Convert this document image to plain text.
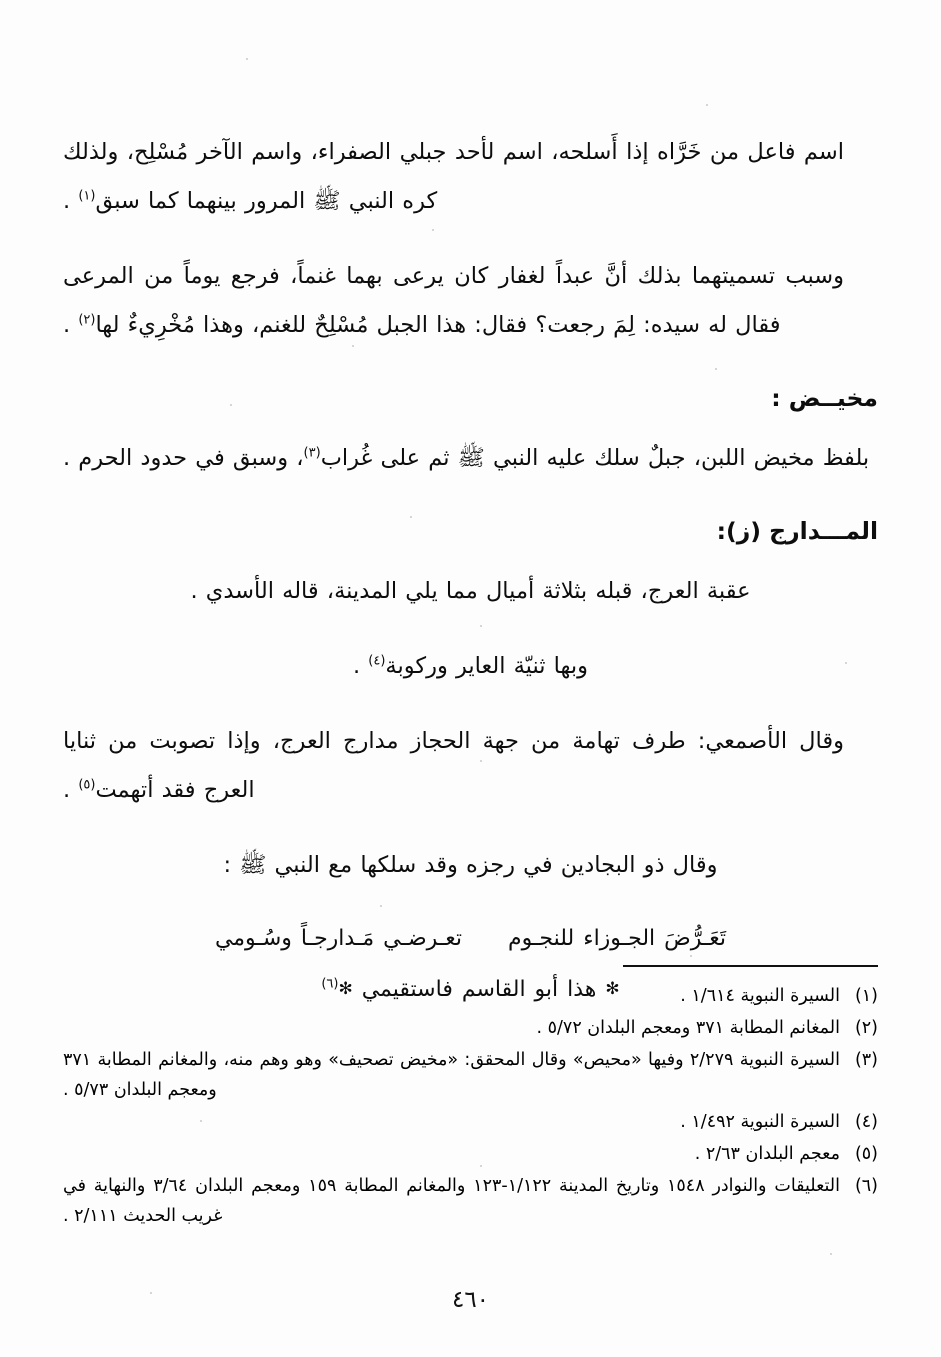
اسم فاعل من خَرَّاه إذا أَسلحه، اسم لأحد جبلي الصفراء، واسم الآخر مُسْلِح، ولذلك كره النبي ﷺ المرور بينهما كما سبق$^{(١)}$ .

وسبب تسميتهما بذلك أنَّ عبداً لغفار كان يرعى بهما غنماً، فرجع يوماً من المرعى فقال له سيده: لِمَ رجعت؟ فقال: هذا الجبل مُسْلِحٌ للغنم، وهذا مُخْرِيءٌ لها$^{(٢)}$ .

مخيــض :

بلفظ مخيض اللبن، جبلٌ سلك عليه النبي ﷺ ثم على غُراب$^{(٣)}$، وسبق في حدود الحرم .

المـــدارج (ز):

عقبة العرج، قبله بثلاثة أميال مما يلي المدينة، قاله الأسدي .

وبها ثنيّة العاير وركوبة$^{(٤)}$ .

وقال الأصمعي: طرف تهامة من جهة الحجاز مدارج العرج، وإذا تصوبت من ثنايا العرج فقد أتهمت$^{(٥)}$ .

وقال ذو البجادين في رجزه وقد سلكها مع النبي ﷺ :

تَعَـرُّضَ الجـوزاء للنجـومتعـرضـي مَـدارجـاً وسُـومي
✻ هذا أبو القاسم فاستقيمي ✻$^{(٦)}$
(١)
السيرة النبوية ١/٦١٤ .
(٢)
المغانم المطابة ٣٧١ ومعجم البلدان ٥/٧٢ .
(٣)
السيرة النبوية ٢/٢٧٩ وفيها «محيص» وقال المحقق: «مخيض تصحيف» وهو وهم منه، والمغانم المطابة ٣٧١ ومعجم البلدان ٥/٧٣ .
(٤)
السيرة النبوية ١/٤٩٢ .
(٥)
معجم البلدان ٢/٦٣ .
(٦)
التعليقات والنوادر ١٥٤٨ وتاريخ المدينة ١/١٢٢-١٢٣ والمغانم المطابة ١٥٩ ومعجم البلدان ٣/٦٤ والنهاية في غريب الحديث ٢/١١١ .
٤٦٠
